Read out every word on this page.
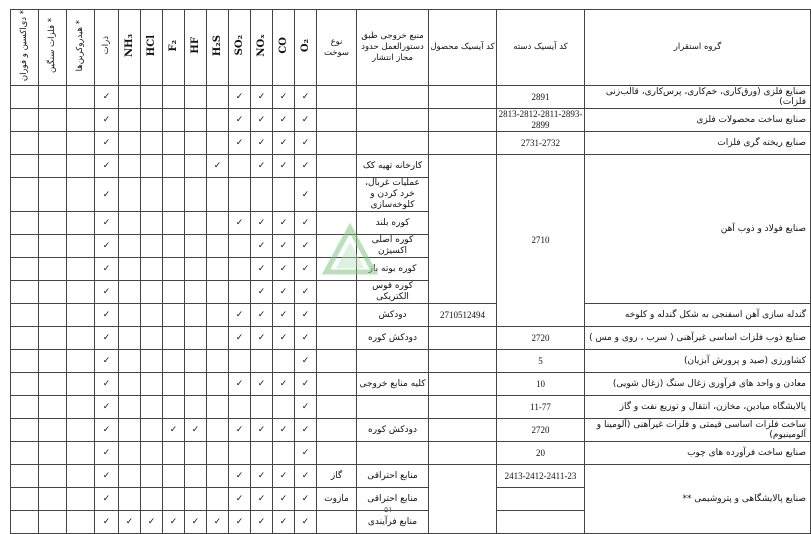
* دی‌اکسین و فوران	* فلزات سنگین	* هیدروکربن‌ها	ذرات	NH₃	HCl	F₂	HF	H₂S	SO₂	NOₓ	CO	O₂	نوع سوخت	منبع خروجی طبق دستورالعمل حدود مجاز انتشار	کد آیسیک محصول	کد آیسیک دسته	گروه استقرار
			✓						✓	✓	✓	✓				2891	صنایع فلزی (ورق‌کاری، خم‌کاری، پرس‌کاری، قالب‌زنی فلزات)
			✓						✓	✓	✓	✓				2813-2812-2811-2893-2899	صنایع ساخت محصولات فلزی
			✓						✓	✓	✓	✓				2731-2732	صنایع ریخته گری فلزات
			✓					✓		✓	✓	✓		کارخانه تهیه کک		2710	صنایع فولاد و ذوب آهن
			✓									✓		عملیات غربال، خرد کردن و کلوخه‌سازی			
			✓						✓	✓	✓	✓		کوره بلند			
			✓							✓	✓	✓		کوره اصلی اکسیژن			
			✓							✓	✓	✓		کوره بوته باز			
			✓							✓	✓	✓		کوره قوس الکتریکی			
			✓						✓	✓	✓	✓		دودکش	2710512494		گندله سازی آهن اسفنجی به شکل گندله و کلوخه
			✓						✓	✓	✓	✓		دودکش کوره		2720	صنایع ذوب فلزات اساسی غیرآهنی ( سرب ، روی و مس )
			✓									✓				5	کشاورزی (صید و پرورش آبزیان)
			✓						✓	✓	✓	✓		کلیه منابع خروجی		10	معادن و واحد های فرآوری زغال سنگ (زغال شویی)
			✓									✓				11-77	پالایشگاه میادین، مخازن، انتقال و توزیع نفت و گاز
			✓			✓	✓		✓	✓	✓	✓		دودکش کوره		2720	ساخت فلزات اساسی قیمتی و فلزات غیرآهنی (آلومینا و آلومینیوم)
			✓									✓				20	صنایع ساخت فرآورده های چوب
			✓						✓	✓	✓	✓	گاز	منابع احتراقی		2413-2412-2411-23	صنایع پالایشگاهی و پتروشیمی **
			✓						✓	✓	✓	✓	مازوت	منابع احتراقی			
			✓	✓	✓	✓	✓	✓	✓	✓	✓	✓		منابع فرآیندی			
۵۱
